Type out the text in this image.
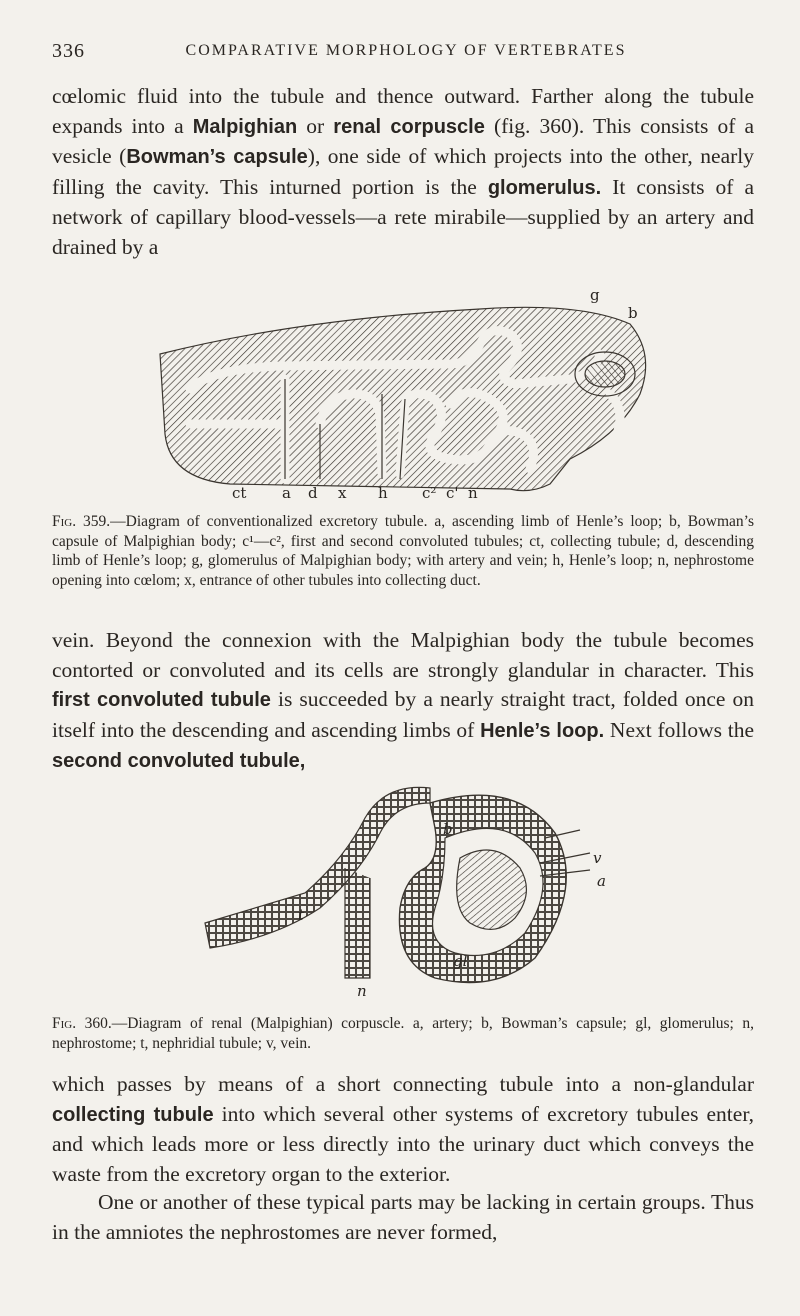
336	COMPARATIVE MORPHOLOGY OF VERTEBRATES

cœlomic fluid into the tubule and thence outward. Farther along the tubule expands into a Malpighian or renal corpuscle (fig. 360). This consists of a vesicle (Bowman’s capsule), one side of which projects into the other, nearly filling the cavity. This inturned portion is the glomerulus. It consists of a network of capillary blood-vessels—a rete mirabile—supplied by an artery and drained by a

ct a d x h c² c' n
g
b

Fig. 359.—Diagram of conventionalized excretory tubule. a, ascending limb of Henle’s loop; b, Bowman’s capsule of Malpighian body; c¹—c², first and second convoluted tubules; ct, collecting tubule; d, descending limb of Henle’s loop; g, glomerulus of Malpighian body; with artery and vein; h, Henle’s loop; n, nephrostome opening into cœlom; x, entrance of other tubules into collecting duct.

vein. Beyond the connexion with the Malpighian body the tubule becomes contorted or convoluted and its cells are strongly glandular in character. This first convoluted tubule is succeeded by a nearly straight tract, folded once on itself into the descending and ascending limbs of Henle’s loop. Next follows the second convoluted tubule,

b
v
a
t
gl
n

Fig. 360.—Diagram of renal (Malpighian) corpuscle. a, artery; b, Bowman’s capsule; gl, glomerulus; n, nephrostome; t, nephridial tubule; v, vein.

which passes by means of a short connecting tubule into a non-glandular collecting tubule into which several other systems of excretory tubules enter, and which leads more or less directly into the urinary duct which conveys the waste from the excretory organ to the exterior.

One or another of these typical parts may be lacking in certain groups. Thus in the amniotes the nephrostomes are never formed,
